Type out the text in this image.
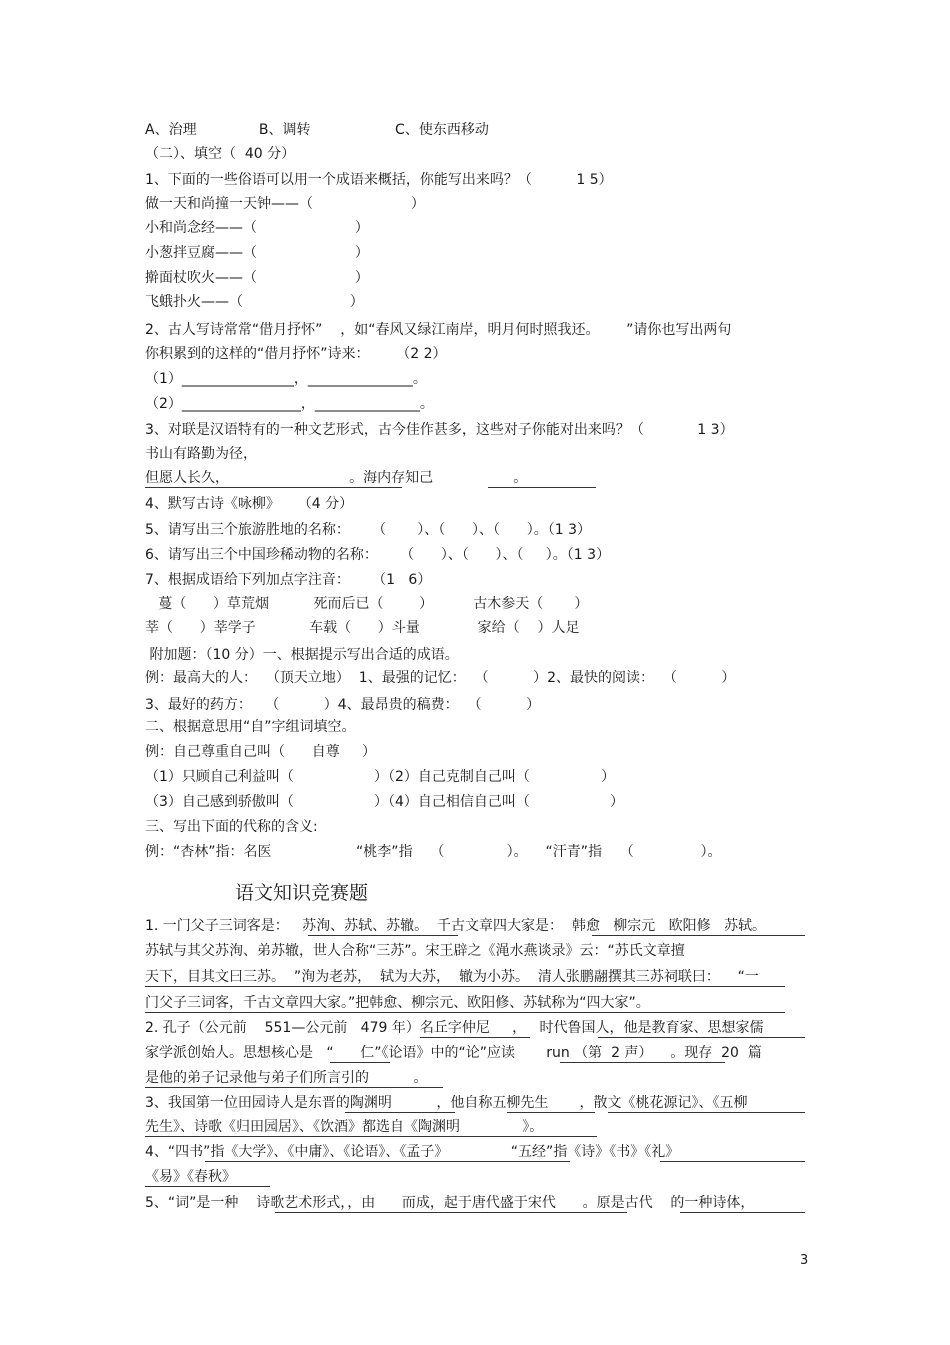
A、治理              B、调转                   C、使东西移动
（二）、填空（  40 分）
1、下面的一些俗语可以用一个成语来概括，你能写出来吗？（          1 5）
做一天和尚撞一天钟——（                      ）
小和尚念经——（                      ）
小葱拌豆腐——（                      ）
擀面杖吹火——（                      ）
飞蛾扑火——（                        ）
2、古人写诗常常“借月抒怀”    ，如“春风又绿江南岸，明月何时照我还。      ”请你也写出两句
你积累到的这样的“借月抒怀”诗来：      （2 2）
（1）________________，_______________。
（2）_________________，_______________。
3、对联是汉语特有的一种文艺形式，古今佳作甚多，这些对子你能对出来吗？（            1 3）
书山有路勤为径，
但愿人长久，                           。海内存知己                  。
4、默写古诗《咏柳》    （4 分）
5、请写出三个旅游胜地的名称：     （       ）、（      ）、（      ）。（1 3）
6、请写出三个中国珍稀动物的名称：     （      ）、（      ）、（     ）。（1 3）
7、根据成语给下列加点字注音：     （1   6）
蔓（      ）草荒烟          死而后已（        ）         古木参天（       ）
莘（      ）莘学子            车载（      ）斗量             家给（    ）人足
附加题：（10 分）一、根据提示写出合适的成语。
例：最高大的人：  （顶天立地）  1、最强的记忆：  （          ）2、最快的阅读：  （          ）
3、最好的药方：   （          ）4、最昂贵的稿费：  （          ）
二、根据意思用“自”字组词填空。
例：自己尊重自己叫（      自尊     ）
（1）只顾自己利益叫（                  ）（2）自己克制自己叫（                ）
（3）自己感到骄傲叫（                  ）（4）自己相信自己叫（                  ）
三、写出下面的代称的含义:
例：“杏林”指：名医                   “桃李”指    （              ）。    “汗青”指    （               ）。
语文知识竞赛题
1. 一门父子三词客是：   苏洵、苏轼、苏辙。  千古文章四大家是：  韩愈   柳宗元   欧阳修   苏轼。
苏轼与其父苏洵、弟苏辙，世人合称“三苏”。宋王辟之《渑水燕谈录》云：“苏氏文章擅
天下，目其文曰三苏。  ”洵为老苏，  轼为大苏，  辙为小苏。  清人张鹏翮撰其三苏祠联曰：    “一
门父子三词客，千古文章四大家。”把韩愈、柳宗元、欧阳修、苏轼称为“四大家”。
2. 孔子（公元前    551—公元前   479 年）名丘字仲尼     ，   时代鲁国人，他是教育家、思想家儒
家学派创始人。思想核心是   “      仁”《论语》中的“论”应读       run （第  2 声）    。现存  20  篇
是他的弟子记录他与弟子们所言引的          。
3、我国第一位田园诗人是东晋的陶渊明          ，他自称五柳先生       ，散文《桃花源记》、《五柳
先生》、诗歌《归田园居》、《饮酒》都选自《陶渊明              》。
4、“四书”指《大学》、《中庸》、《论语》、《孟子》              “五经”指《诗》《书》《礼》
《易》《春秋》
5、“词”是一种    诗歌艺术形式，，由      而成，起于唐代盛于宋代      。原是古代    的一种诗体，
3
